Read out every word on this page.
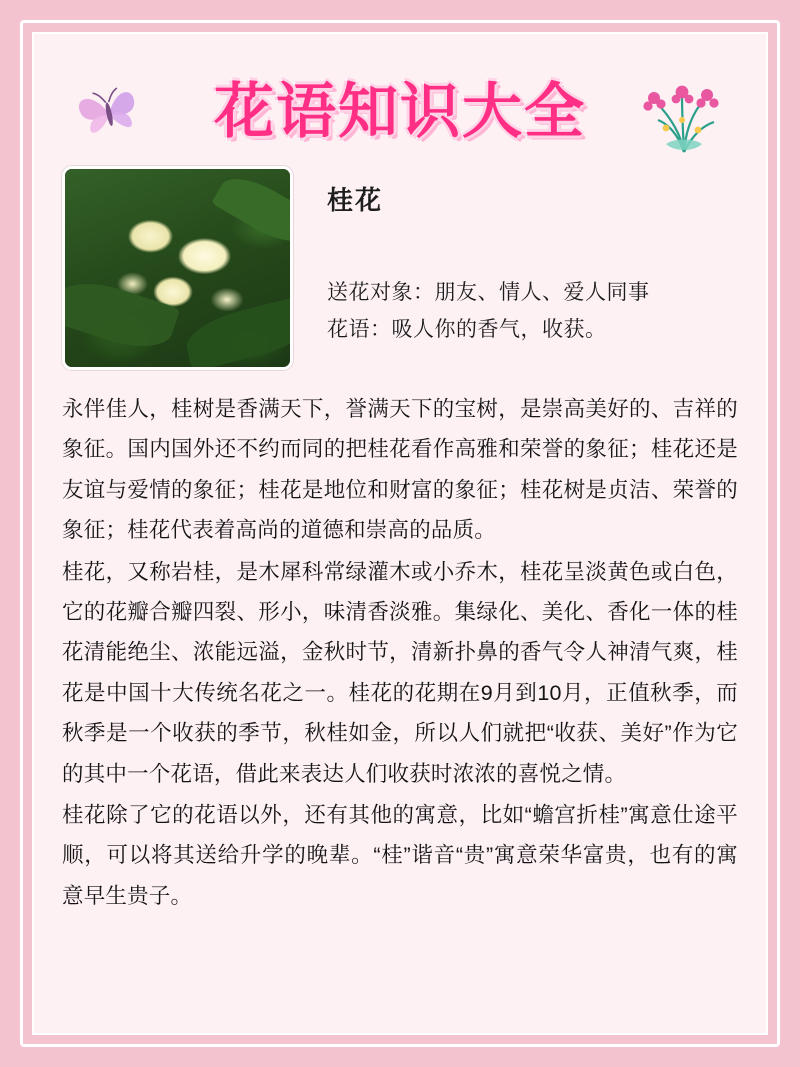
花语知识大全
桂花
送花对象：朋友、情人、爱人同事
花语：吸人你的香气，收获。

永伴佳人，桂树是香满天下，誉满天下的宝树，是崇高美好的、吉祥的象征。国内国外还不约而同的把桂花看作高雅和荣誉的象征；桂花还是友谊与爱情的象征；桂花是地位和财富的象征；桂花树是贞洁、荣誉的象征；桂花代表着高尚的道德和崇高的品质。

桂花，又称岩桂，是木犀科常绿灌木或小乔木，桂花呈淡黄色或白色，它的花瓣合瓣四裂、形小，味清香淡雅。集绿化、美化、香化一体的桂花清能绝尘、浓能远溢，金秋时节，清新扑鼻的香气令人神清气爽，桂花是中国十大传统名花之一。桂花的花期在9月到10月，正值秋季，而秋季是一个收获的季节，秋桂如金，所以人们就把“收获、美好”作为它的其中一个花语，借此来表达人们收获时浓浓的喜悦之情。

桂花除了它的花语以外，还有其他的寓意，比如“蟾宫折桂”寓意仕途平顺，可以将其送给升学的晚辈。“桂”谐音“贵”寓意荣华富贵，也有的寓意早生贵子。
